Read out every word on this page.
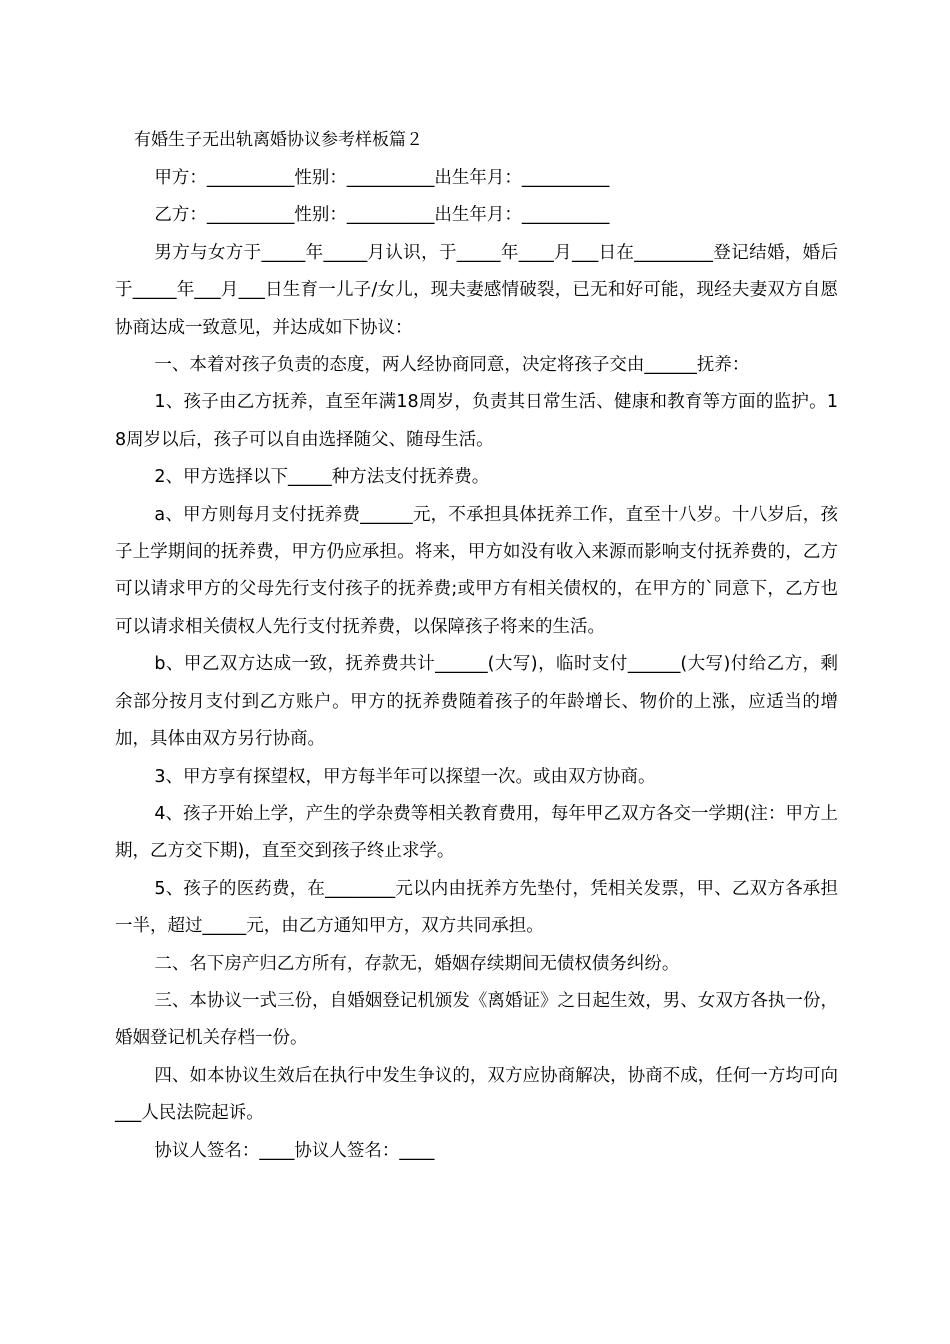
有婚生子无出轨离婚协议参考样板篇２

甲方：__________性别：__________出生年月：__________

乙方：__________性别：__________出生年月：__________

男方与女方于_____年_____月认识，于_____年____月___日在_________登记结婚，婚后于_____年___月___日生育一儿子/女儿，现夫妻感情破裂，已无和好可能，现经夫妻双方自愿协商达成一致意见，并达成如下协议：

一、本着对孩子负责的态度，两人经协商同意，决定将孩子交由______抚养：

1、孩子由乙方抚养，直至年满18周岁，负责其日常生活、健康和教育等方面的监护。18周岁以后，孩子可以自由选择随父、随母生活。

2、甲方选择以下_____种方法支付抚养费。

a、甲方则每月支付抚养费______元，不承担具体抚养工作，直至十八岁。十八岁后，孩子上学期间的抚养费，甲方仍应承担。将来，甲方如没有收入来源而影响支付抚养费的，乙方可以请求甲方的父母先行支付孩子的抚养费;或甲方有相关债权的，在甲方的`同意下，乙方也可以请求相关债权人先行支付抚养费，以保障孩子将来的生活。

b、甲乙双方达成一致，抚养费共计______(大写)，临时支付______(大写)付给乙方，剩余部分按月支付到乙方账户。甲方的抚养费随着孩子的年龄增长、物价的上涨，应适当的增加，具体由双方另行协商。

3、甲方享有探望权，甲方每半年可以探望一次。或由双方协商。

4、孩子开始上学，产生的学杂费等相关教育费用，每年甲乙双方各交一学期(注：甲方上期，乙方交下期)，直至交到孩子终止求学。

5、孩子的医药费，在________元以内由抚养方先垫付，凭相关发票，甲、乙双方各承担一半，超过_____元，由乙方通知甲方，双方共同承担。

二、名下房产归乙方所有，存款无，婚姻存续期间无债权债务纠纷。

三、本协议一式三份，自婚姻登记机颁发《离婚证》之日起生效，男、女双方各执一份，婚姻登记机关存档一份。

四、如本协议生效后在执行中发生争议的，双方应协商解决，协商不成，任何一方均可向___人民法院起诉。

协议人签名：____协议人签名：____
